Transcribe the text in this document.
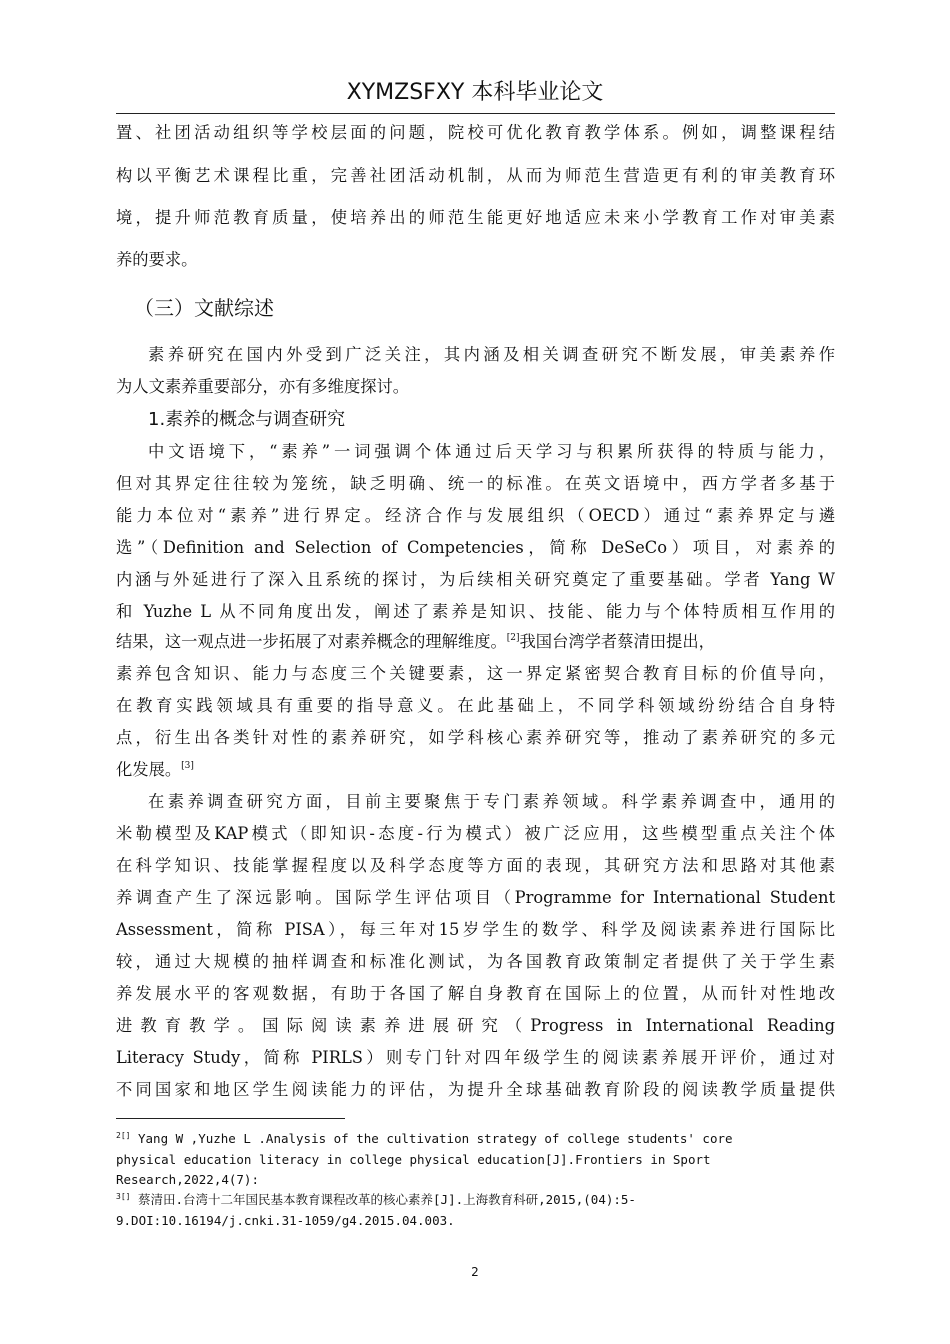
XYMZSFXY 本科毕业论文
置、社团活动组织等学校层面的问题，院校可优化教育教学体系。例如，调整课程结
构以平衡艺术课程比重，完善社团活动机制，从而为师范生营造更有利的审美教育环
境，提升师范教育质量，使培养出的师范生能更好地适应未来小学教育工作对审美素
养的要求。
（三）文献综述
素养研究在国内外受到广泛关注，其内涵及相关调查研究不断发展，审美素养作
为人文素养重要部分，亦有多维度探讨。
1.素养的概念与调查研究
中文语境下，“素养”一词强调个体通过后天学习与积累所获得的特质与能力，
但对其界定往往较为笼统，缺乏明确、统一的标准。在英文语境中，西方学者多基于
能力本位对“素养”进行界定。经济合作与发展组织（OECD）通过“素养界定与遴
选”（Definition and Selection of Competencies，简称 DeSeCo）项目，对素养的
内涵与外延进行了深入且系统的探讨，为后续相关研究奠定了重要基础。学者 Yang W
和 Yuzhe L 从不同角度出发，阐述了素养是知识、技能、能力与个体特质相互作用的
结果，这一观点进一步拓展了对素养概念的理解维度。[2]我国台湾学者蔡清田提出，
素养包含知识、能力与态度三个关键要素，这一界定紧密契合教育目标的价值导向，
在教育实践领域具有重要的指导意义。在此基础上，不同学科领域纷纷结合自身特
点，衍生出各类针对性的素养研究，如学科核心素养研究等，推动了素养研究的多元
化发展。[3]
在素养调查研究方面，目前主要聚焦于专门素养领域。科学素养调查中，通用的
米勒模型及KAP模式（即知识-态度-行为模式）被广泛应用，这些模型重点关注个体
在科学知识、技能掌握程度以及科学态度等方面的表现，其研究方法和思路对其他素
养调查产生了深远影响。国际学生评估项目（Programme for International Student
Assessment，简称 PISA），每三年对15岁学生的数学、科学及阅读素养进行国际比
较，通过大规模的抽样调查和标准化测试，为各国教育政策制定者提供了关于学生素
养发展水平的客观数据，有助于各国了解自身教育在国际上的位置，从而针对性地改
进教育教学。国际阅读素养进展研究（Progress in International Reading
Literacy Study，简称 PIRLS）则专门针对四年级学生的阅读素养展开评价，通过对
不同国家和地区学生阅读能力的评估，为提升全球基础教育阶段的阅读教学质量提供
$^{2[]}$ Yang W ,Yuzhe L .Analysis of the cultivation strategy of college students' core
physical education literacy in college physical education[J].Frontiers in Sport
Research,2022,4(7):
$^{3[]}$ 蔡清田.台湾十二年国民基本教育课程改革的核心素养[J].上海教育科研,2015,(04):5-
9.DOI:10.16194/j.cnki.31-1059/g4.2015.04.003.
2
